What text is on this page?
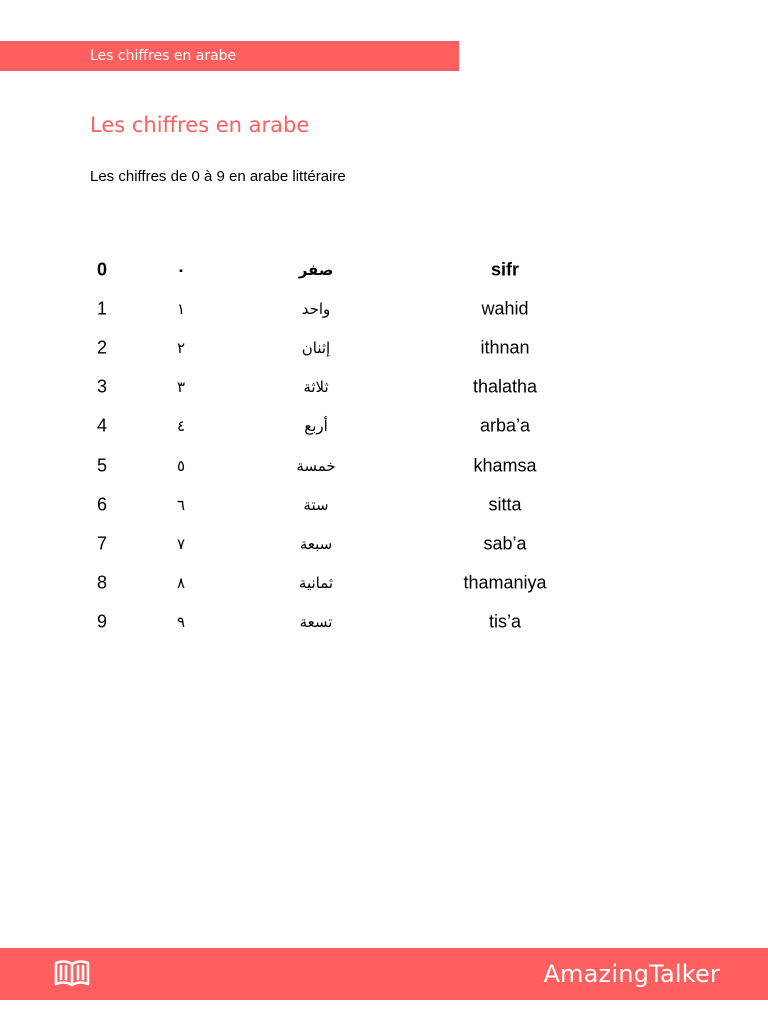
Les chiffres en arabe
Les chiffres en arabe
Les chiffres de 0 à 9 en arabe littéraire
0	٠	صفر	sifr
1	١	واحد	wahid
2	٢	إثنان	ithnan
3	٣	ثلاثة	thalatha
4	٤	أربع	arba’a
5	٥	خمسة	khamsa
6	٦	ستة	sitta
7	٧	سبعة	sab’a
8	٨	ثمانية	thamaniya
9	٩	تسعة	tis’a
AmazingTalker
